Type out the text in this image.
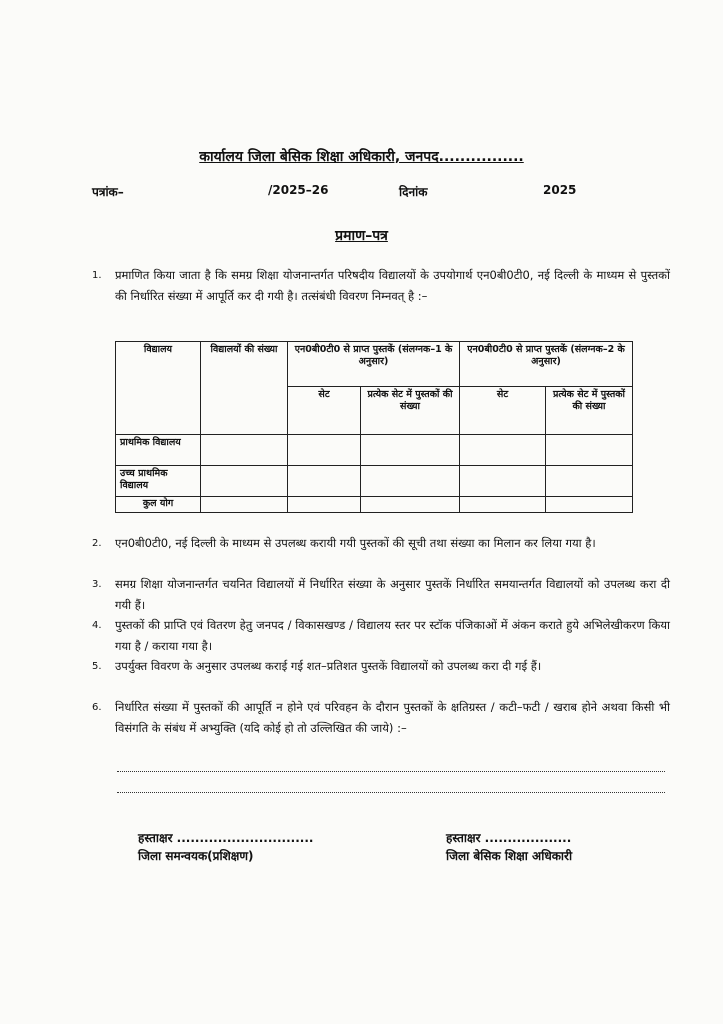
कार्यालय जिला बेसिक शिक्षा अधिकारी, जनपद................
पत्रांक–	/2025–26	दिनांक	2025
प्रमाण–पत्र
1.	प्रमाणित किया जाता है कि समग्र शिक्षा योजनान्तर्गत परिषदीय विद्यालयों के उपयोगार्थ एन0बी0टी0, नई दिल्ली के माध्यम से पुस्तकों की निर्धारित संख्या में आपूर्ति कर दी गयी है। तत्संबंधी विवरण निम्नवत् है :–
विद्यालय	विद्यालयों की संख्या	एन0बी0टी0 से प्राप्त पुस्तकें (संलग्नक–1 के अनुसार)		एन0बी0टी0 से प्राप्त पुस्तकें (संलग्नक–2 के अनुसार)	
		सेट	प्रत्येक सेट में पुस्तकों की संख्या	सेट	प्रत्येक सेट में पुस्तकों की संख्या
प्राथमिक विद्यालय					
उच्च प्राथमिक विद्यालय					
कुल योग					
2.	एन0बी0टी0, नई दिल्ली के माध्यम से उपलब्ध करायी गयी पुस्तकों की सूची तथा संख्या का मिलान कर लिया गया है।
3.	समग्र शिक्षा योजनान्तर्गत चयनित विद्यालयों में निर्धारित संख्या के अनुसार पुस्तकें निर्धारित समयान्तर्गत विद्यालयों को उपलब्ध करा दी गयी हैं।
4.	पुस्तकों की प्राप्ति एवं वितरण हेतु जनपद / विकासखण्ड / विद्यालय स्तर पर स्टॉक पंजिकाओं में अंकन कराते हुये अभिलेखीकरण किया गया है / कराया गया है।
5.	उपर्युक्त विवरण के अनुसार उपलब्ध कराई गई शत–प्रतिशत पुस्तकें विद्यालयों को उपलब्ध करा दी गई हैं।
6.	निर्धारित संख्या में पुस्तकों की आपूर्ति न होने एवं परिवहन के दौरान पुस्तकों के क्षतिग्रस्त / कटी–फटी / खराब होने अथवा किसी भी विसंगति के संबंध में अभ्युक्ति (यदि कोई हो तो उल्लिखित की जाये) :–
हस्ताक्षर ..............................
जिला समन्वयक(प्रशिक्षण)
हस्ताक्षर ...................
जिला बेसिक शिक्षा अधिकारी
